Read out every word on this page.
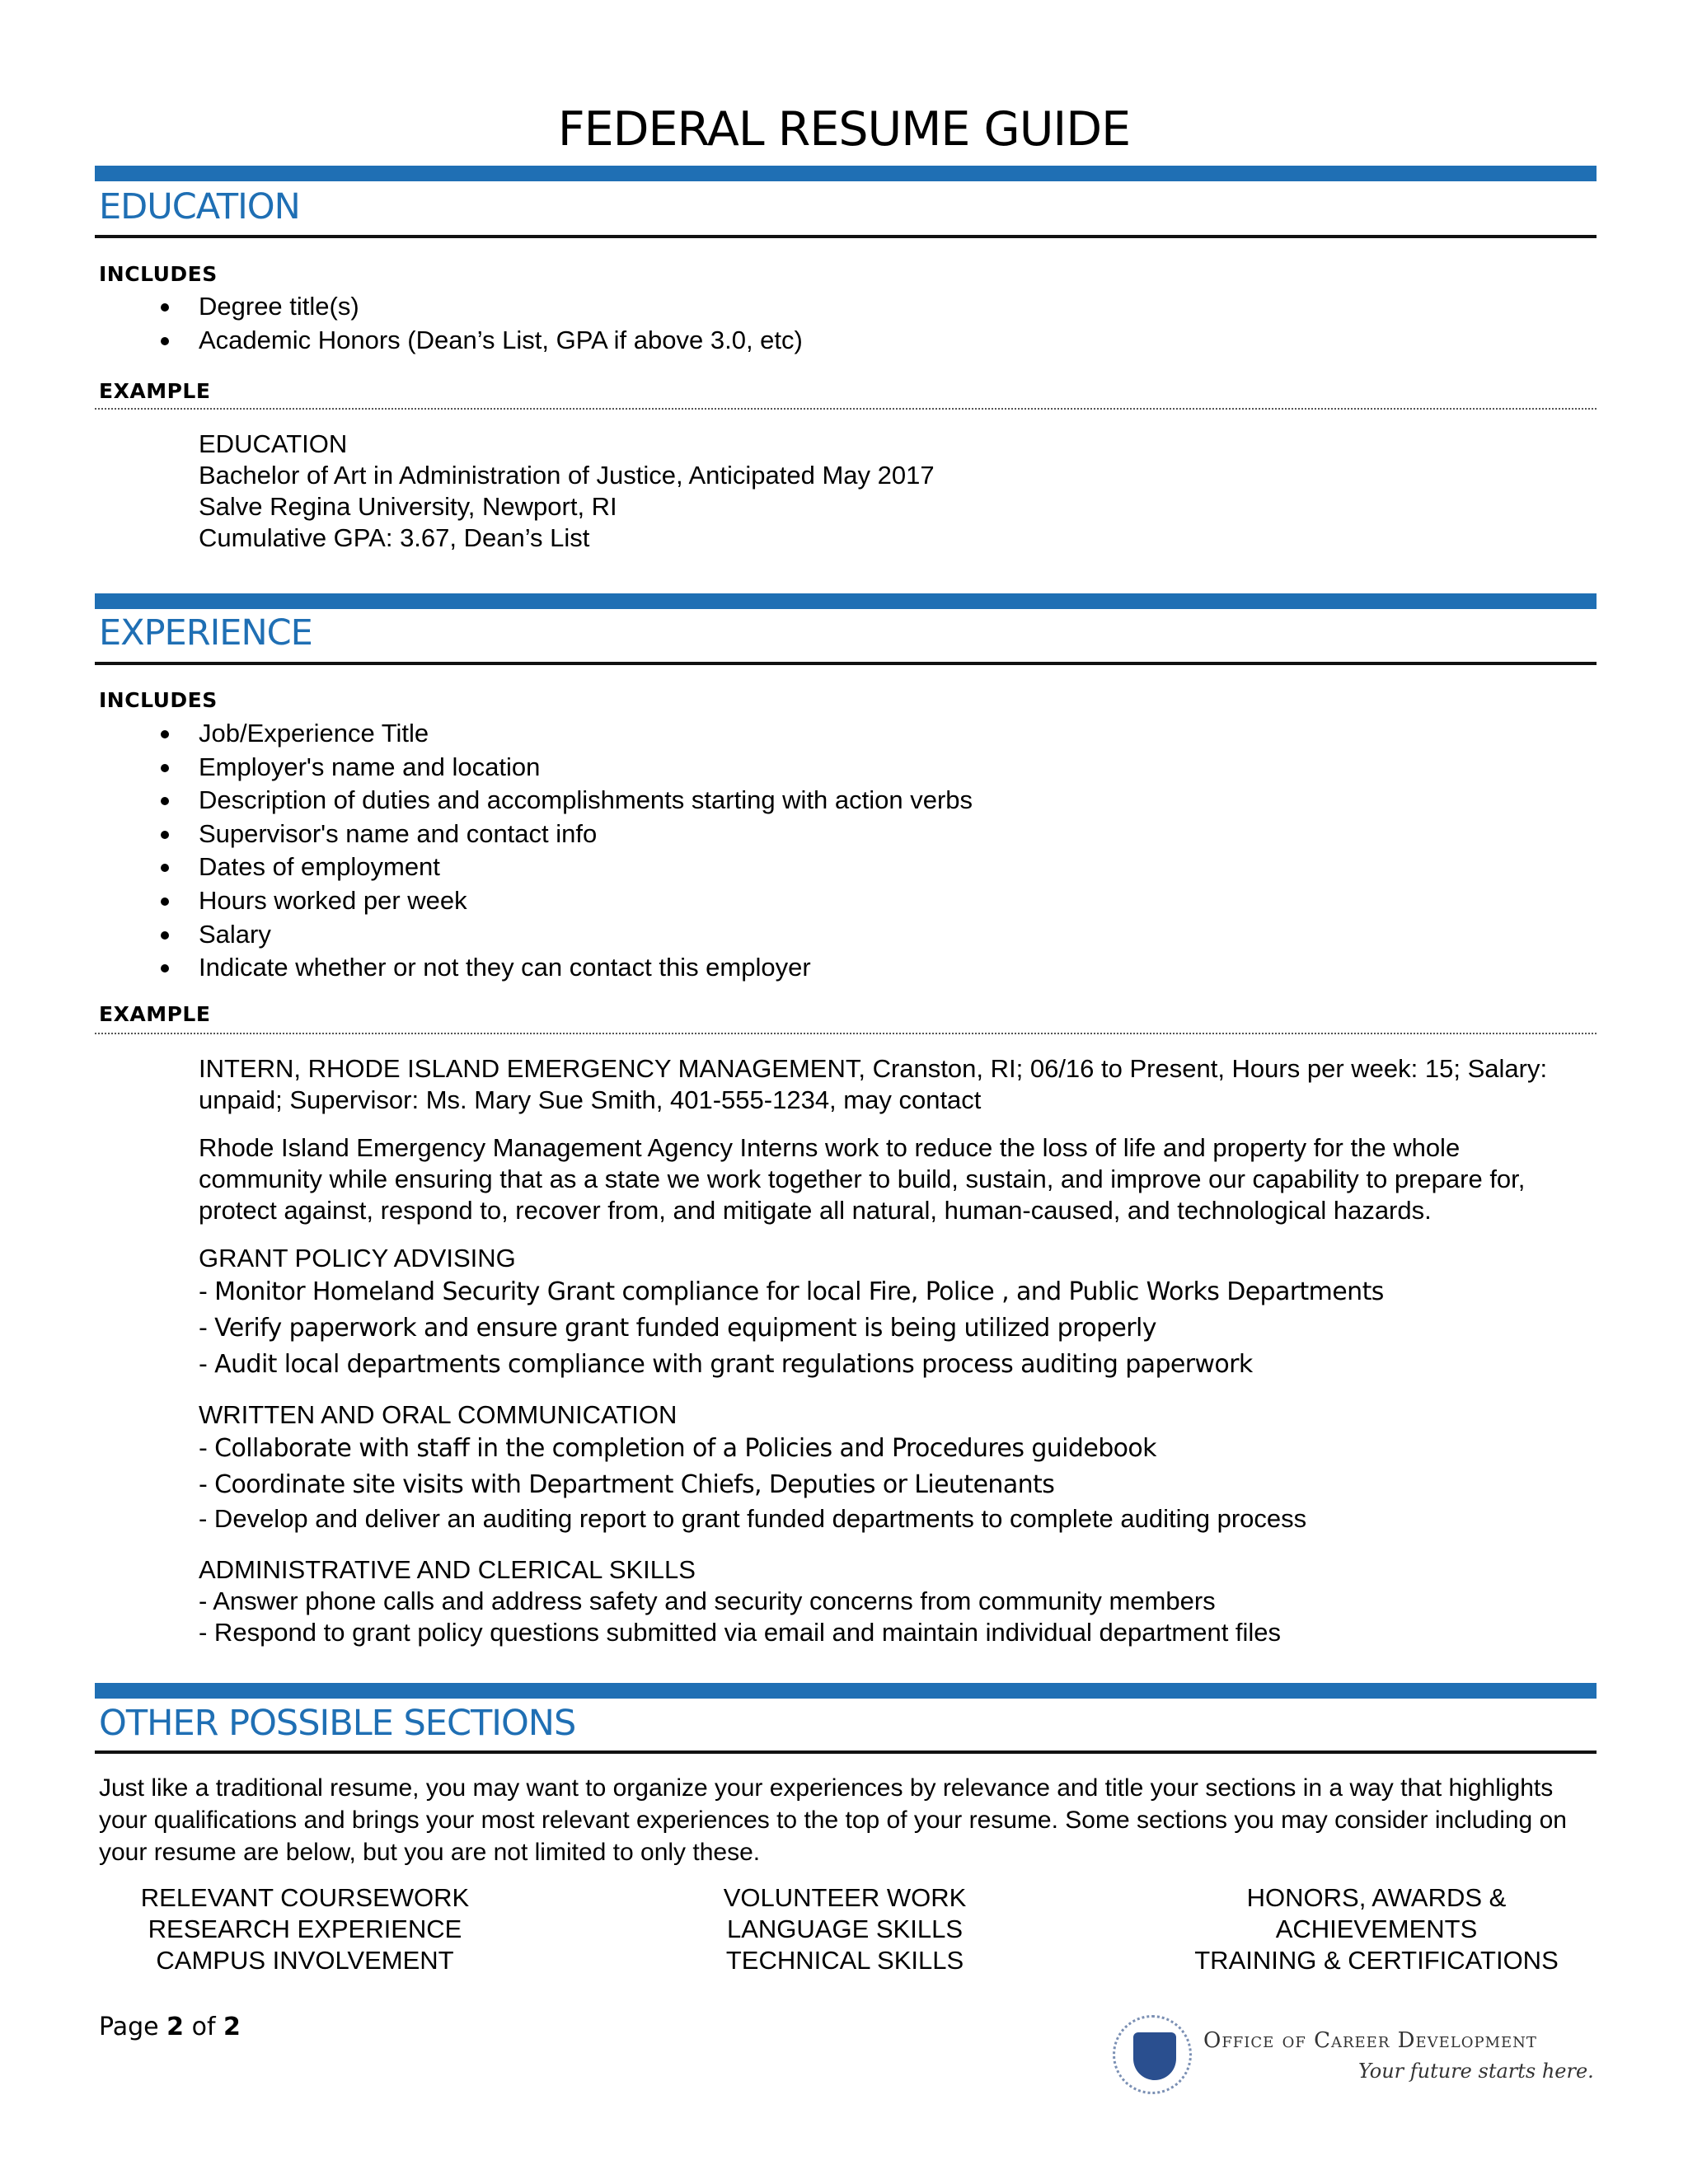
FEDERAL RESUME GUIDE
EDUCATION
INCLUDES
Degree title(s)
Academic Honors (Dean’s List, GPA if above 3.0, etc)
EXAMPLE
EDUCATION
Bachelor of Art in Administration of Justice, Anticipated May 2017
Salve Regina University, Newport, RI
Cumulative GPA: 3.67, Dean’s List
EXPERIENCE
INCLUDES
Job/Experience Title
Employer's name and location
Description of duties and accomplishments starting with action verbs
Supervisor's name and contact info
Dates of employment
Hours worked per week
Salary
Indicate whether or not they can contact this employer
EXAMPLE
INTERN, RHODE ISLAND EMERGENCY MANAGEMENT, Cranston, RI; 06/16 to Present, Hours per week: 15; Salary: unpaid; Supervisor: Ms. Mary Sue Smith, 401-555-1234, may contact
Rhode Island Emergency Management Agency Interns work to reduce the loss of life and property for the whole community while ensuring that as a state we work together to build, sustain, and improve our capability to prepare for, protect against, respond to, recover from, and mitigate all natural, human-caused, and technological hazards.
GRANT POLICY ADVISING
- Monitor Homeland Security Grant compliance for local Fire, Police , and Public Works Departments
- Verify paperwork and ensure grant funded equipment is being utilized properly
- Audit local departments compliance with grant regulations process auditing paperwork
WRITTEN AND ORAL COMMUNICATION
- Collaborate with staff in the completion of a Policies and Procedures guidebook
- Coordinate site visits with Department Chiefs, Deputies or Lieutenants
- Develop and deliver an auditing report to grant funded departments to complete auditing process
ADMINISTRATIVE AND CLERICAL SKILLS
- Answer phone calls and address safety and security concerns from community members
- Respond to grant policy questions submitted via email and maintain individual department files
OTHER POSSIBLE SECTIONS
Just like a traditional resume, you may want to organize your experiences by relevance and title your sections in a way that highlights your qualifications and brings your most relevant experiences to the top of your resume. Some sections you may consider including on your resume are below, but you are not limited to only these.
RELEVANT COURSEWORK
RESEARCH EXPERIENCE
CAMPUS INVOLVEMENT
VOLUNTEER WORK
LANGUAGE SKILLS
TECHNICAL SKILLS
HONORS, AWARDS &
ACHIEVEMENTS
TRAINING & CERTIFICATIONS
Page 2 of 2	Office of Career Development
Your future starts here.
